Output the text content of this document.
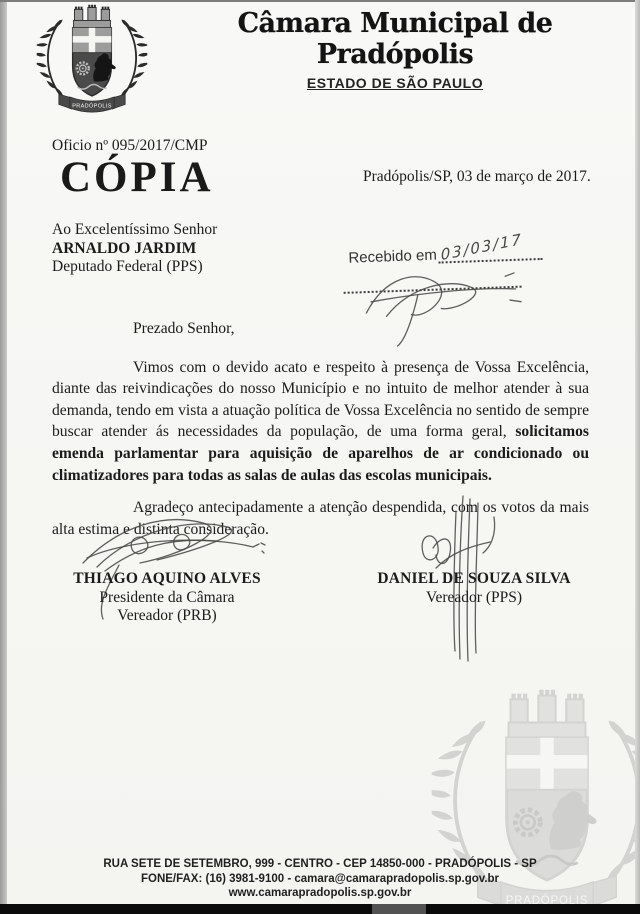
Câmara Municipal de Pradópolis
ESTADO DE SÃO PAULO
Oficio nº 095/2017/CMP
CÓPIA	Pradópolis/SP, 03 de março de 2017.
Ao Excelentíssimo Senhor
ARNALDO JARDIM
Deputado Federal (PPS)	Recebido em 03/03/17

Prezado Senhor,

Vimos com o devido acato e respeito à presença de Vossa Excelência, diante das reivindicações do nosso Município e no intuito de melhor atender à sua demanda, tendo em vista a atuação política de Vossa Excelência no sentido de sempre buscar atender ás necessidades da população, de uma forma geral, solicitamos emenda parlamentar para aquisição de aparelhos de ar condicionado ou climatizadores para todas as salas de aulas das escolas municipais.

Agradeço antecipadamente a atenção despendida, com os votos da mais alta estima e distinta consideração.

THIAGO AQUINO ALVES
Presidente da Câmara
Vereador (PRB)
DANIEL DE SOUZA SILVA
Vereador (PPS)
RUA SETE DE SETEMBRO, 999 - CENTRO - CEP 14850-000 - PRADÓPOLIS - SP
FONE/FAX: (16) 3981-9100 - camara@camarapradopolis.sp.gov.br
www.camarapradopolis.sp.gov.br
